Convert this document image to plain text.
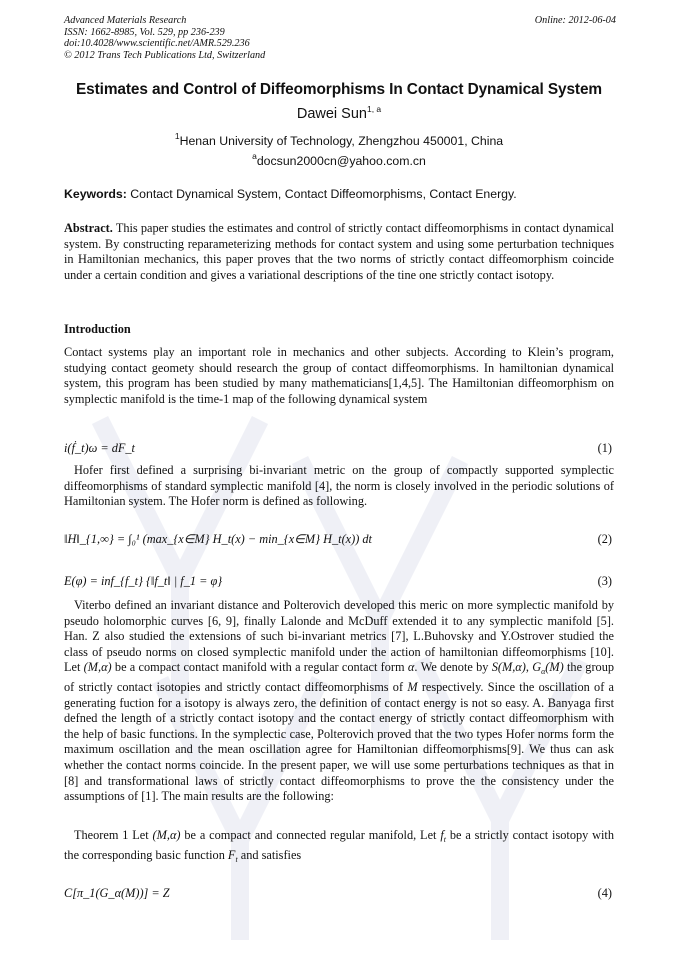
Advanced Materials Research
ISSN: 1662-8985, Vol. 529, pp 236-239
doi:10.4028/www.scientific.net/AMR.529.236
© 2012 Trans Tech Publications Ltd, Switzerland
Online: 2012-06-04
Estimates and Control of Diffeomorphisms In Contact Dynamical System
Dawei Sun$^{1, a}$
$^1$Henan University of Technology, Zhengzhou 450001, China
$^a$docsun2000cn@yahoo.com.cn
Keywords: Contact Dynamical System, Contact Diffeomorphisms, Contact Energy.
Abstract. This paper studies the estimates and control of strictly contact diffeomorphisms in contact dynamical system. By constructing reparameterizing methods for contact system and using some perturbation techniques in Hamiltonian mechanics, this paper proves that the two norms of strictly contact diffeomorphism coincide under a certain condition and gives a variational descriptions of the tine one strictly contact isotopy.
Introduction
Contact systems play an important role in mechanics and other subjects. According to Klein’s program, studying contact geomety should research the group of contact diffeomorphisms. In hamiltonian dynamical system, this program has been studied by many mathematicians[1,4,5]. The Hamiltonian diffeomorphism on symplectic manifold is the time-1 map of the following dynamical system
i(ḟ_t)ω = dF_t	(1)
Hofer first defined a surprising bi-invariant metric on the group of compactly supported symplectic diffeomorphisms of standard symplectic manifold [4], the norm is closely involved in the periodic solutions of Hamiltonian system. The Hofer norm is defined as following.
‖H‖_{1,∞} = ∫₀¹ (max_{x∈M} H_t(x) − min_{x∈M} H_t(x)) dt	(2)
E(φ) = inf_{f_t} {‖f_t‖ | f_1 = φ}	(3)
Viterbo defined an invariant distance and Polterovich developed this meric on more symplectic manifold by pseudo holomorphic curves [6, 9], finally Lalonde and McDuff extended it to any symplectic manifold [5]. Han. Z also studied the extensions of such bi-invariant metrics [7], L.Buhovsky and Y.Ostrover studied the class of pseudo norms on closed symplectic manifold under the action of hamiltonian diffeomorphisms [10]. Let (M,α) be a compact contact manifold with a regular contact form α. We denote by S(M,α), $G_\alpha(M)$ the group of strictly contact isotopies and strictly contact diffeomorphisms of M respectively. Since the oscillation of a generating fuction for a isotopy is always zero, the definition of contact energy is not so easy. A. Banyaga first defned the length of a strictly contact isotopy and the contact energy of strictly contact diffeomorphism with the help of basic functions. In the symplectic case, Polterovich proved that the two types Hofer norms form the maximum oscillation and the mean oscillation agree for Hamiltonian diffeomorphisms[9]. We thus can ask whether the contact norms coincide. In the present paper, we will use some perturbations techniques as that in [8] and transformational laws of strictly contact diffeomorphisms to prove the the consistency under the assumptions of [1]. The main results are the following:
Theorem 1 Let (M,α) be a compact and connected regular manifold, Let $f_t$ be a strictly contact isotopy with the corresponding basic function $F_t$ and satisfies
C[π_1(G_α(M))] = Z	(4)
